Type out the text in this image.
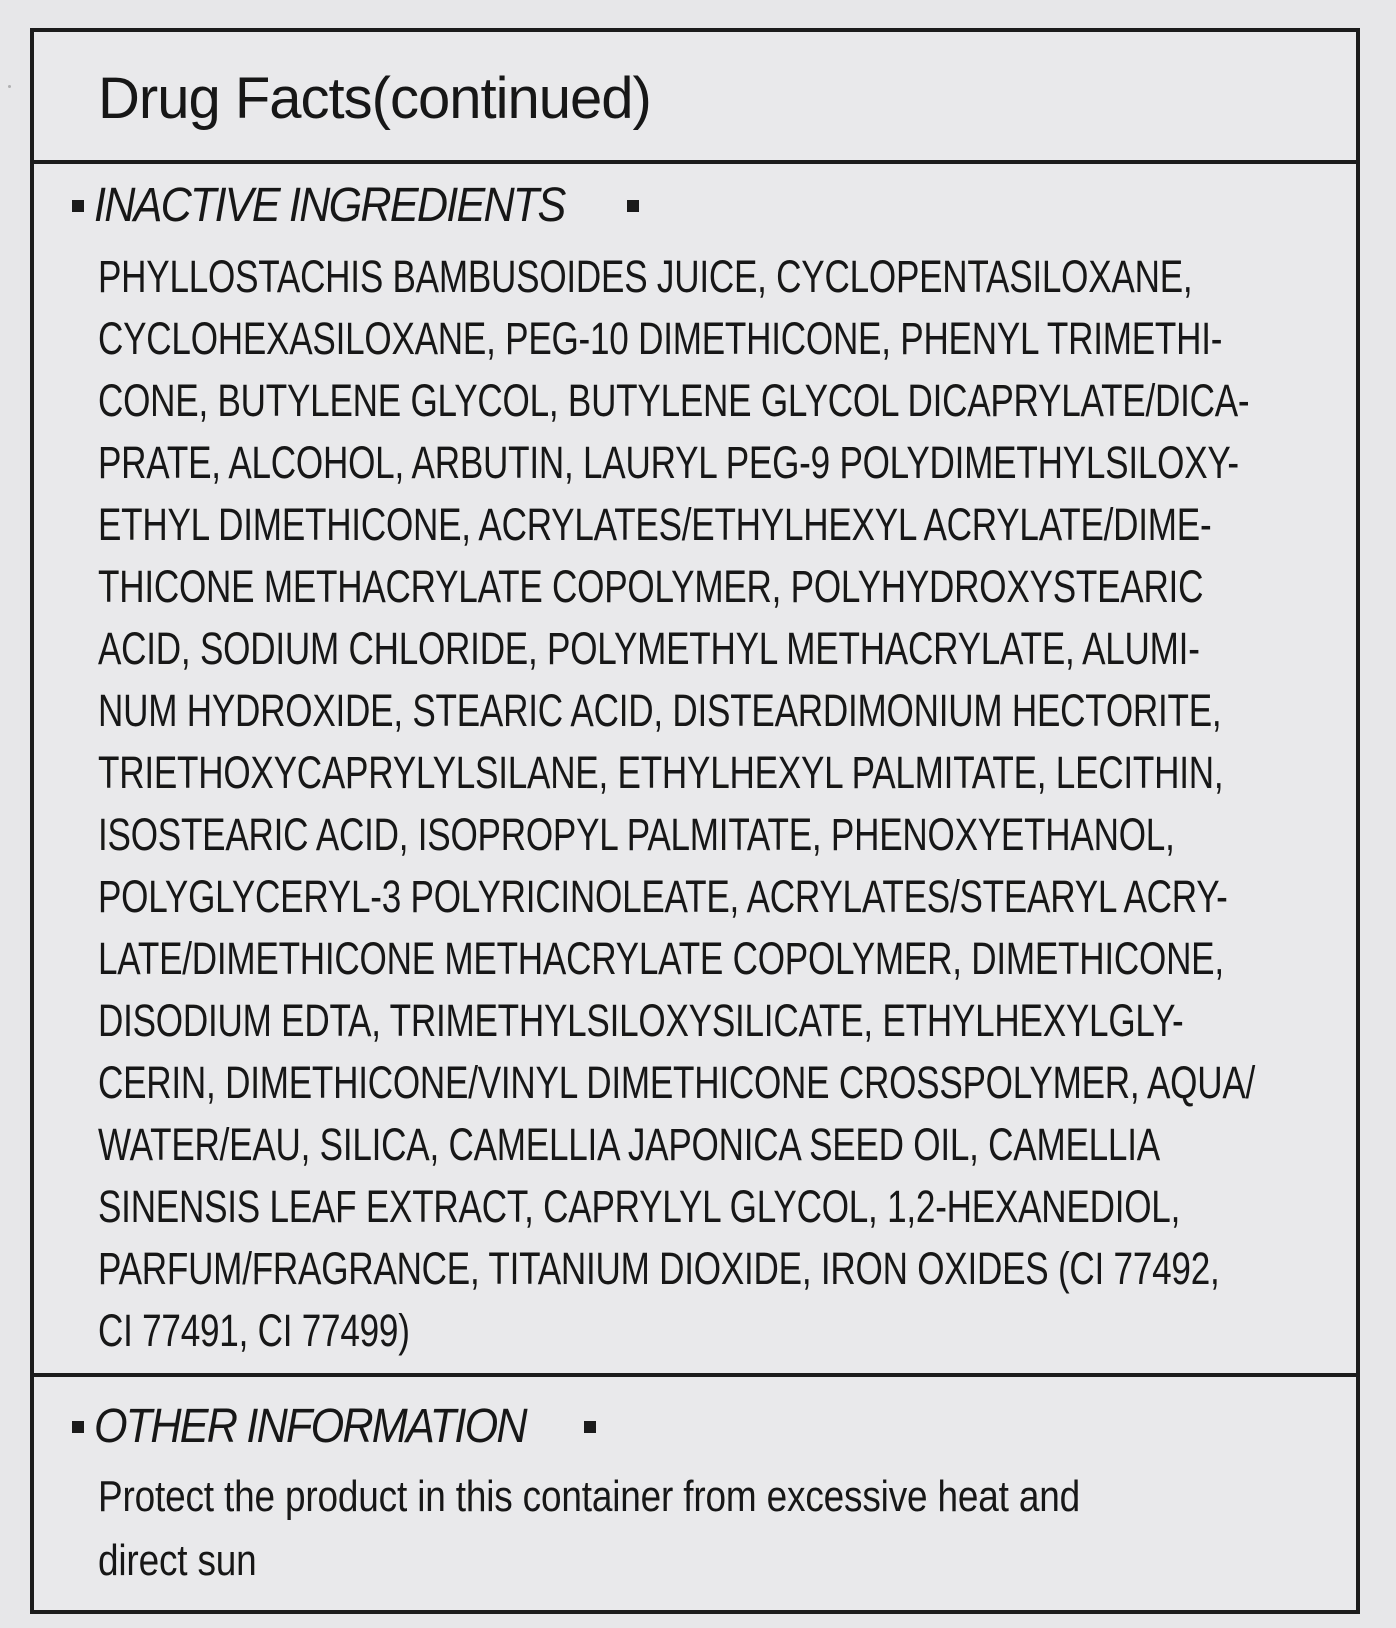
Drug Facts(continued)
INACTIVE INGREDIENTS
PHYLLOSTACHIS BAMBUSOIDES JUICE, CYCLOPENTASILOXANE,
CYCLOHEXASILOXANE, PEG-10 DIMETHICONE, PHENYL TRIMETHI-
CONE, BUTYLENE GLYCOL, BUTYLENE GLYCOL DICAPRYLATE/DICA-
PRATE, ALCOHOL, ARBUTIN, LAURYL PEG-9 POLYDIMETHYLSILOXY-
ETHYL DIMETHICONE, ACRYLATES/ETHYLHEXYL ACRYLATE/DIME-
THICONE METHACRYLATE COPOLYMER, POLYHYDROXYSTEARIC
ACID, SODIUM CHLORIDE, POLYMETHYL METHACRYLATE, ALUMI-
NUM HYDROXIDE, STEARIC ACID, DISTEARDIMONIUM HECTORITE,
TRIETHOXYCAPRYLYLSILANE, ETHYLHEXYL PALMITATE, LECITHIN,
ISOSTEARIC ACID, ISOPROPYL PALMITATE, PHENOXYETHANOL,
POLYGLYCERYL-3 POLYRICINOLEATE, ACRYLATES/STEARYL ACRY-
LATE/DIMETHICONE METHACRYLATE COPOLYMER, DIMETHICONE,
DISODIUM EDTA, TRIMETHYLSILOXYSILICATE, ETHYLHEXYLGLY-
CERIN, DIMETHICONE/VINYL DIMETHICONE CROSSPOLYMER, AQUA/
WATER/EAU, SILICA, CAMELLIA JAPONICA SEED OIL, CAMELLIA
SINENSIS LEAF EXTRACT, CAPRYLYL GLYCOL, 1,2-HEXANEDIOL,
PARFUM/FRAGRANCE, TITANIUM DIOXIDE, IRON OXIDES (CI 77492,
CI 77491, CI 77499)
OTHER INFORMATION
Protect the product in this container from excessive heat and
direct sun
